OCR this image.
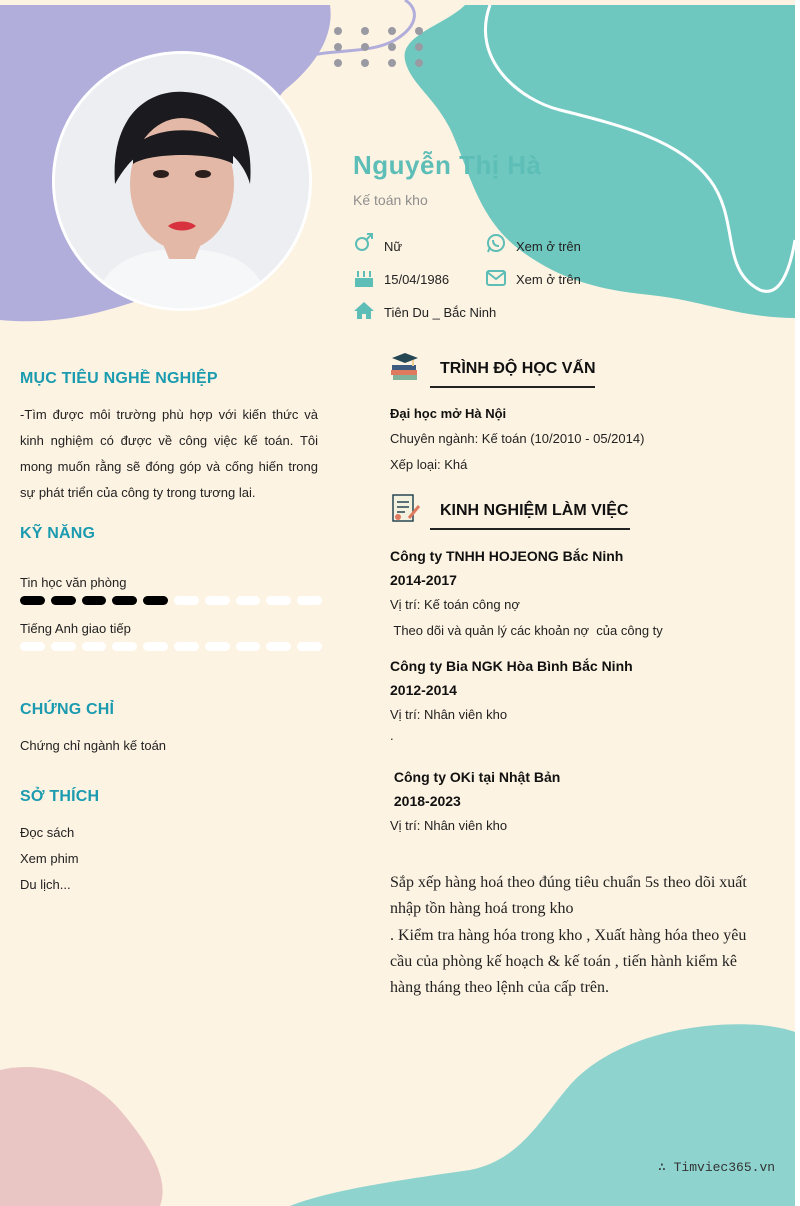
Nguyễn Thị Hà
Kế toán kho
Nữ	Xem ở trên
15/04/1986	Xem ở trên
Tiên Du _ Bắc Ninh
MỤC TIÊU NGHỀ NGHIỆP
-Tìm được môi trường phù hợp với kiến thức và kinh nghiệm có được về công việc kế toán. Tôi mong muốn rằng sẽ đóng góp và cống hiến trong sự phát triển của công ty trong tương lai.
KỸ NĂNG
Tin học văn phòng
Tiếng Anh giao tiếp
CHỨNG CHỈ
Chứng chỉ ngành kế toán
SỞ THÍCH
Đọc sách
Xem phim
Du lịch...
TRÌNH ĐỘ HỌC VẤN
Đại học mở Hà Nội
Chuyên ngành: Kế toán (10/2010 - 05/2014)
Xếp loại: Khá
KINH NGHIỆM LÀM VIỆC
Công ty TNHH HOJEONG Bắc Ninh
2014-2017
Vị trí: Kế toán công nợ
Theo dõi và quản lý các khoản nợ  của công ty
Công ty Bia NGK Hòa Bình Bắc Ninh
2012-2014
Vị trí: Nhân viên kho
.
Công ty OKi tại Nhật Bản
2018-2023
Vị trí: Nhân viên kho
Sắp xếp hàng hoá theo đúng tiêu chuẩn 5s theo dõi xuất nhập tồn hàng hoá trong kho
. Kiểm tra hàng hóa trong kho , Xuất hàng hóa theo yêu cầu của phòng kế hoạch & kế toán , tiến hành kiểm kê hàng tháng theo lệnh của cấp trên.
∴ Timviec365.vn
